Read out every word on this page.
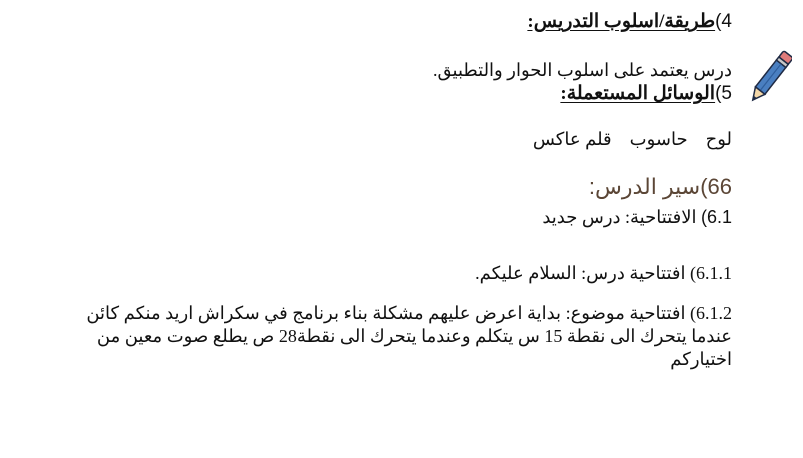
4)طريقة/اسلوب التدريس:
درس يعتمد على اسلوب الحوار والتطبيق.
5)الوسائل المستعملة:
لوح    حاسوب    قلم عاكس
66)سير الدرس:
6.1) الافتتاحية: درس جديد
6.1.1) افتتاحية درس: السلام عليكم.
6.1.2) افتتاحية موضوع: بداية اعرض عليهم مشكلة بناء برنامج في سكراش اريد منكم كائن
عندما يتحرك الى نقطة 15 س يتكلم وعندما يتحرك الى نقطة28 ص يطلع صوت معين من
اختياركم
